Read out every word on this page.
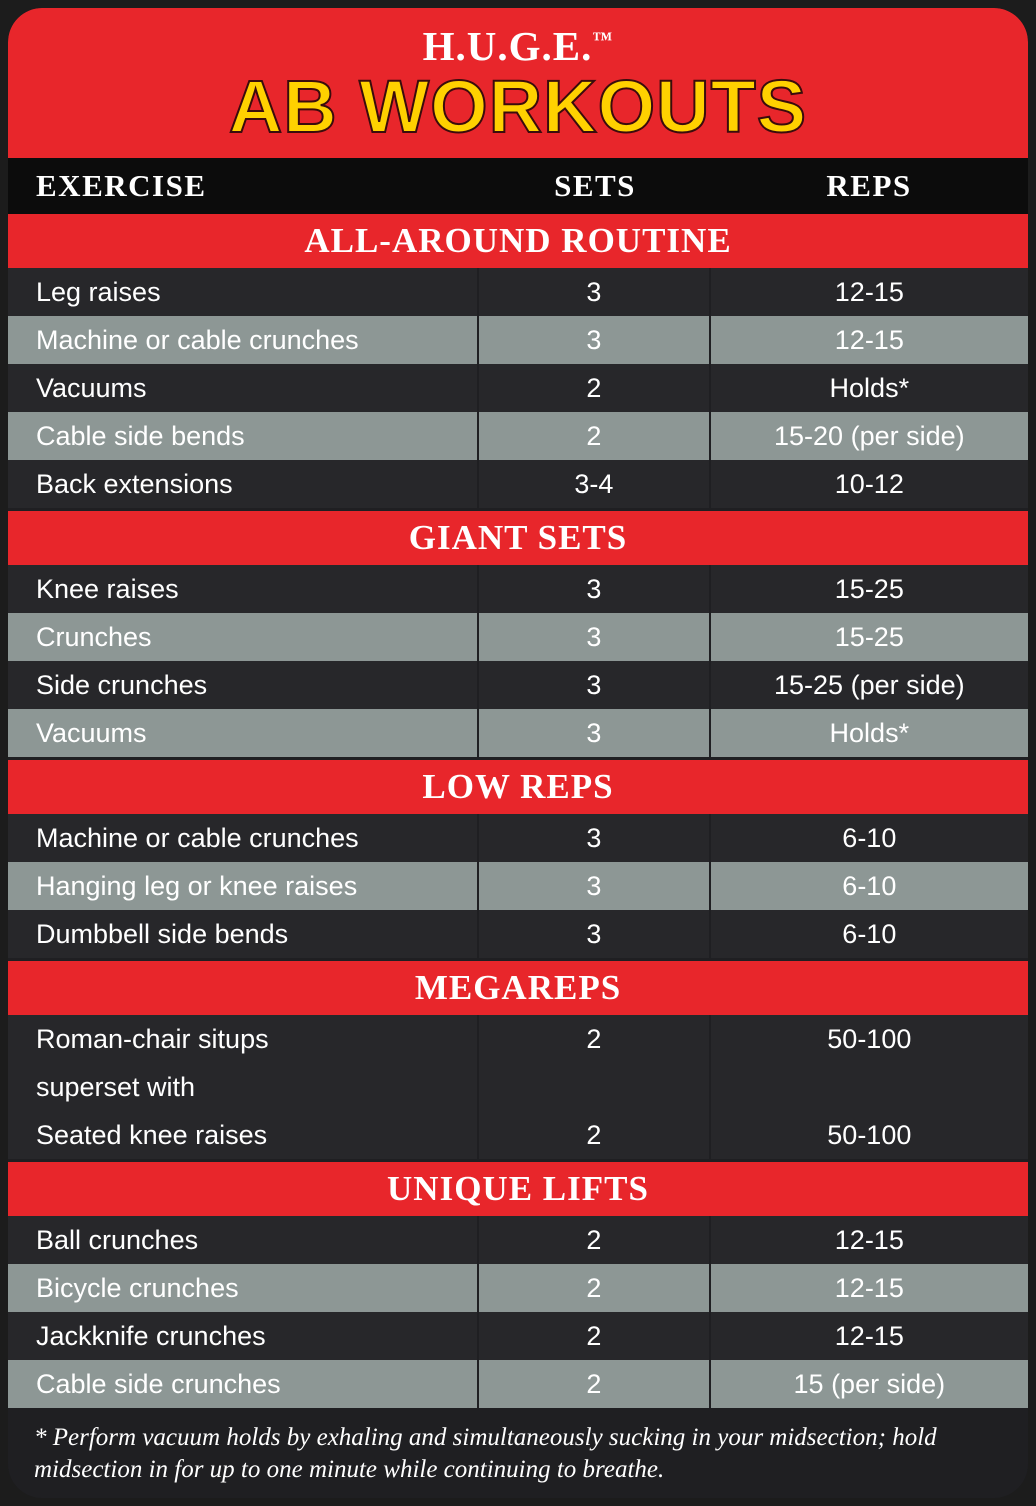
H.U.G.E.™
AB WORKOUTS
EXERCISE	SETS	REPS
ALL-AROUND ROUTINE
Leg raises	3	12-15
Machine or cable crunches	3	12-15
Vacuums	2	Holds*
Cable side bends	2	15-20 (per side)
Back extensions	3-4	10-12
GIANT SETS
Knee raises	3	15-25
Crunches	3	15-25
Side crunches	3	15-25 (per side)
Vacuums	3	Holds*
LOW REPS
Machine or cable crunches	3	6-10
Hanging leg or knee raises	3	6-10
Dumbbell side bends	3	6-10
MEGAREPS
Roman-chair situps	2	50-100
superset with
Seated knee raises	2	50-100
UNIQUE LIFTS
Ball crunches	2	12-15
Bicycle crunches	2	12-15
Jackknife crunches	2	12-15
Cable side crunches	2	15 (per side)
* Perform vacuum holds by exhaling and simultaneously sucking in your midsection; hold midsection in for up to one minute while continuing to breathe.
